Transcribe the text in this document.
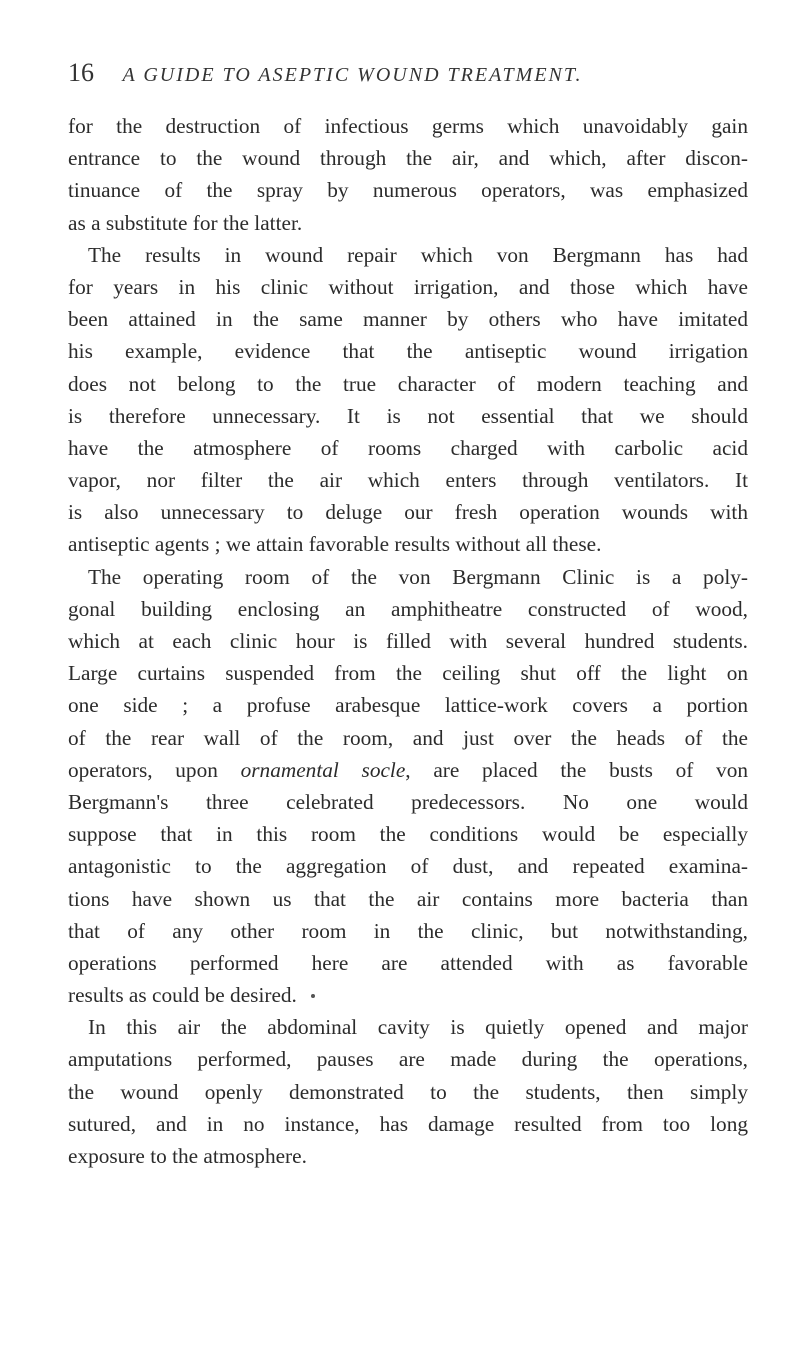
16 A GUIDE TO ASEPTIC WOUND TREATMENT.
for the destruction of infectious germs which unavoidably gain
entrance to the wound through the air, and which, after discon-
tinuance of the spray by numerous operators, was emphasized
as a substitute for the latter.
The results in wound repair which von Bergmann has had
for years in his clinic without irrigation, and those which have
been attained in the same manner by others who have imitated
his example, evidence that the antiseptic wound irrigation
does not belong to the true character of modern teaching and
is therefore unnecessary. It is not essential that we should
have the atmosphere of rooms charged with carbolic acid
vapor, nor filter the air which enters through ventilators. It
is also unnecessary to deluge our fresh operation wounds with
antiseptic agents ; we attain favorable results without all these.
The operating room of the von Bergmann Clinic is a poly-
gonal building enclosing an amphitheatre constructed of wood,
which at each clinic hour is filled with several hundred students.
Large curtains suspended from the ceiling shut off the light on
one side ; a profuse arabesque lattice-work covers a portion
of the rear wall of the room, and just over the heads of the
operators, upon ornamental socle, are placed the busts of von
Bergmann's three celebrated predecessors. No one would
suppose that in this room the conditions would be especially
antagonistic to the aggregation of dust, and repeated examina-
tions have shown us that the air contains more bacteria than
that of any other room in the clinic, but notwithstanding,
operations performed here are attended with as favorable
results as could be desired.
In this air the abdominal cavity is quietly opened and major
amputations performed, pauses are made during the operations,
the wound openly demonstrated to the students, then simply
sutured, and in no instance, has damage resulted from too long
exposure to the atmosphere.
